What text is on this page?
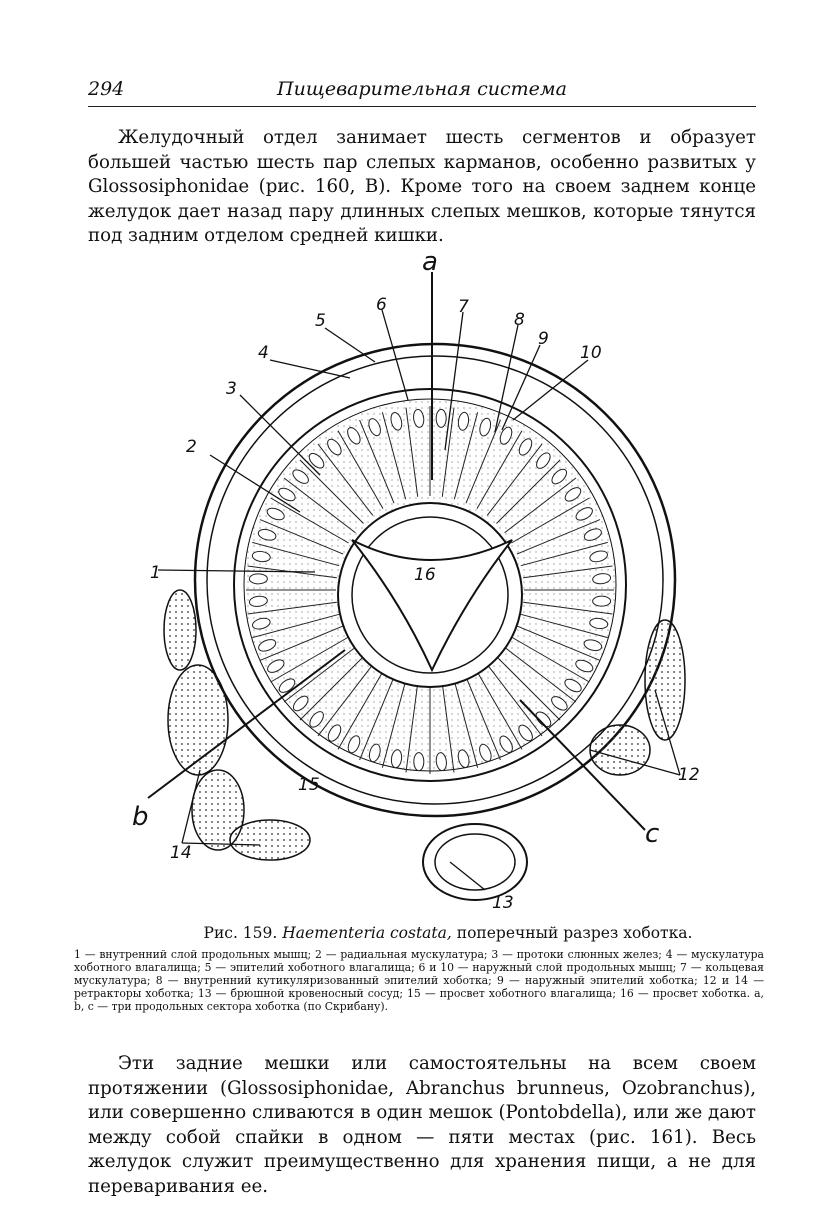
294	Пищеварительная система
Желудочный отдел занимает шесть сегментов и образует большей частью шесть пар слепых карманов, особенно развитых у Glossosiphonidae (рис. 160, B). Кроме того на своем заднем конце желудок дает назад пару длинных слепых мешков, которые тянутся под задним отделом средней кишки.
a
b
c
1
2
3
4
5
6	7
8
9
10
12
13
14
15
16
Рис. 159. Haementeria costata, поперечный разрез хоботка.
1 — внутренний слой продольных мышц; 2 — радиальная мускулатура; 3 — протоки слюнных желез; 4 — мускулатура хоботного влагалища; 5 — эпителий хоботного влагалища; 6 и 10 — наружный слой продольных мышц; 7 — кольцевая мускулатура; 8 — внутренний кутикуляризованный эпителий хоботка; 9 — наружный эпителий хоботка; 12 и 14 — ретракторы хоботка; 13 — брюшной кровеносный сосуд; 15 — просвет хоботного влагалища; 16 — просвет хоботка. a, b, c — три продольных сектора хоботка (по Скрибану).
Эти задние мешки или самостоятельны на всем своем протяжении (Glossosiphonidae, Abranchus brunneus, Ozobranchus), или совершенно сливаются в один мешок (Pontobdella), или же дают между собой спайки в одном — пяти местах (рис. 161). Весь желудок служит преимущественно для хранения пищи, а не для переваривания ее.
